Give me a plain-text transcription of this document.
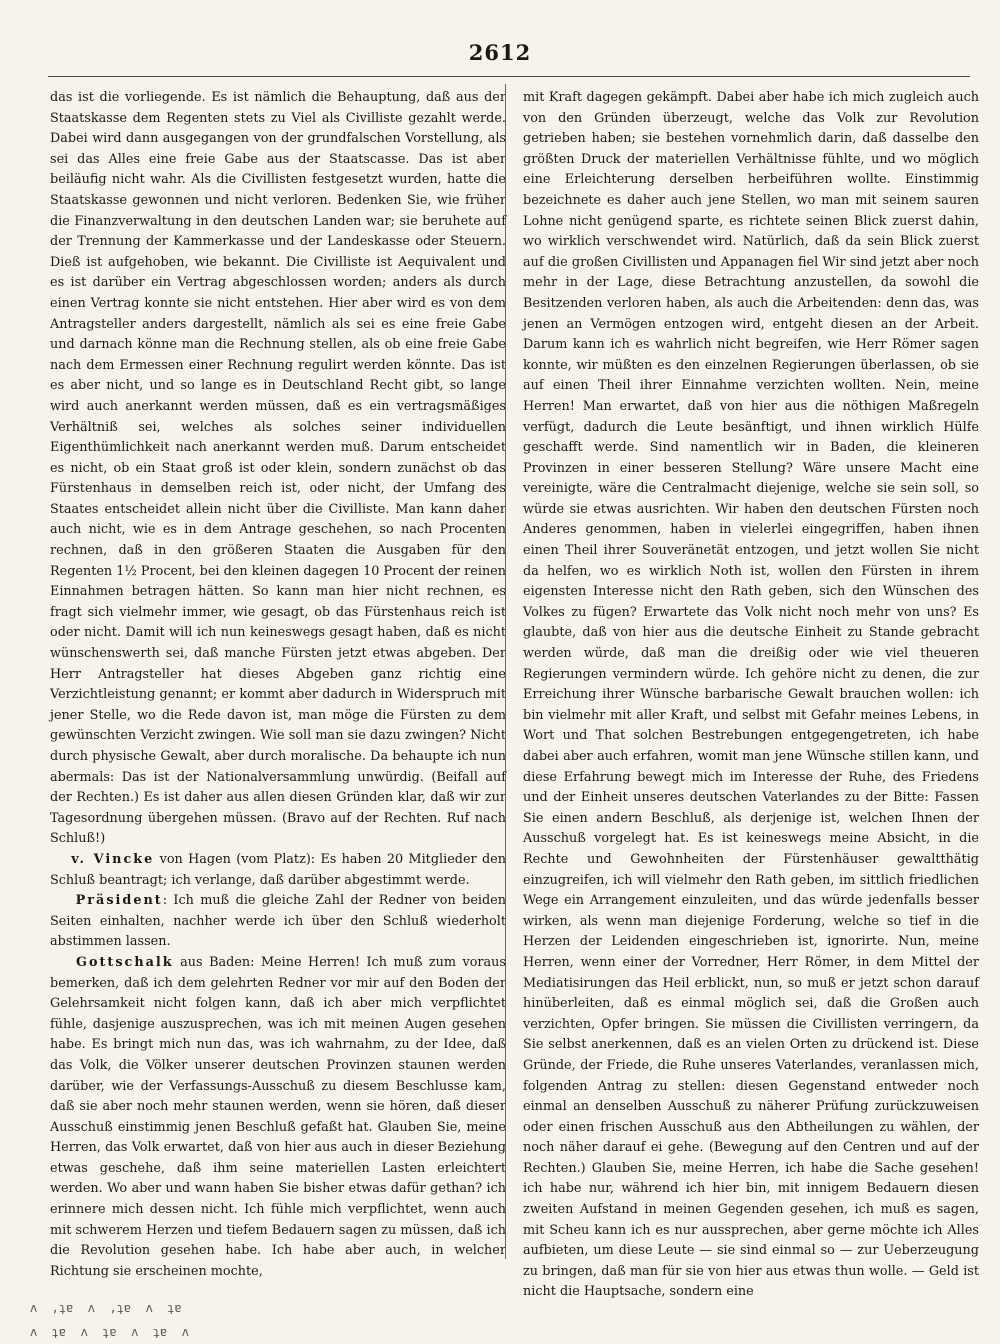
2612

das ist die vorliegende. Es ist nämlich die Behauptung, daß aus der Staatskasse dem Regenten stets zu Viel als Civilliste gezahlt werde. Dabei wird dann ausgegangen von der grundfalschen Vorstellung, als sei das Alles eine freie Gabe aus der Staatscasse. Das ist aber beiläufig nicht wahr. Als die Civillisten festgesetzt wurden, hatte die Staatskasse gewonnen und nicht verloren. Bedenken Sie, wie früher die Finanzverwaltung in den deutschen Landen war; sie beruhete auf der Trennung der Kammerkasse und der Landeskasse oder Steuern. Dieß ist aufgehoben, wie bekannt. Die Civilliste ist Aequivalent und es ist darüber ein Vertrag abgeschlossen worden; anders als durch einen Vertrag konnte sie nicht entstehen. Hier aber wird es von dem Antragsteller anders dargestellt, nämlich als sei es eine freie Gabe und darnach könne man die Rechnung stellen, als ob eine freie Gabe nach dem Ermessen einer Rechnung regulirt werden könnte. Das ist es aber nicht, und so lange es in Deutschland Recht gibt, so lange wird auch anerkannt werden müssen, daß es ein vertragsmäßiges Verhältniß sei, welches als solches seiner individuellen Eigenthümlichkeit nach anerkannt werden muß. Darum entscheidet es nicht, ob ein Staat groß ist oder klein, sondern zunächst ob das Fürstenhaus in demselben reich ist, oder nicht, der Umfang des Staates entscheidet allein nicht über die Civilliste. Man kann daher auch nicht, wie es in dem Antrage geschehen, so nach Procenten rechnen, daß in den größeren Staaten die Ausgaben für den Regenten 1½ Procent, bei den kleinen dagegen 10 Procent der reinen Einnahmen betragen hätten. So kann man hier nicht rechnen, es fragt sich vielmehr immer, wie gesagt, ob das Fürstenhaus reich ist oder nicht. Damit will ich nun keineswegs gesagt haben, daß es nicht wünschenswerth sei, daß manche Fürsten jetzt etwas abgeben. Der Herr Antragsteller hat dieses Abgeben ganz richtig eine Verzichtleistung genannt; er kommt aber dadurch in Widerspruch mit jener Stelle, wo die Rede davon ist, man möge die Fürsten zu dem gewünschten Verzicht zwingen. Wie soll man sie dazu zwingen? Nicht durch physische Gewalt, aber durch moralische. Da behaupte ich nun abermals: Das ist der Nationalversammlung unwürdig. (Beifall auf der Rechten.) Es ist daher aus allen diesen Gründen klar, daß wir zur Tagesordnung übergehen müssen. (Bravo auf der Rechten. Ruf nach Schluß!)

v. Vincke von Hagen (vom Platz): Es haben 20 Mitglieder den Schluß beantragt; ich verlange, daß darüber abgestimmt werde.

Präsident: Ich muß die gleiche Zahl der Redner von beiden Seiten einhalten, nachher werde ich über den Schluß wiederholt abstimmen lassen.

Gottschalk aus Baden: Meine Herren! Ich muß zum voraus bemerken, daß ich dem gelehrten Redner vor mir auf den Boden der Gelehrsamkeit nicht folgen kann, daß ich aber mich verpflichtet fühle, dasjenige auszusprechen, was ich mit meinen Augen gesehen habe. Es bringt mich nun das, was ich wahrnahm, zu der Idee, daß das Volk, die Völker unserer deutschen Provinzen staunen werden darüber, wie der Verfassungs-Ausschuß zu diesem Beschlusse kam, daß sie aber noch mehr staunen werden, wenn sie hören, daß dieser Ausschuß einstimmig jenen Beschluß gefaßt hat. Glauben Sie, meine Herren, das Volk erwartet, daß von hier aus auch in dieser Beziehung etwas geschehe, daß ihm seine materiellen Lasten erleichtert werden. Wo aber und wann haben Sie bisher etwas dafür gethan? ich erinnere mich dessen nicht. Ich fühle mich verpflichtet, wenn auch mit schwerem Herzen und tiefem Bedauern sagen zu müssen, daß ich die Revolution gesehen habe. Ich habe aber auch, in welcher Richtung sie erscheinen mochte,

mit Kraft dagegen gekämpft. Dabei aber habe ich mich zugleich auch von den Gründen überzeugt, welche das Volk zur Revolution getrieben haben; sie bestehen vornehmlich darin, daß dasselbe den größten Druck der materiellen Verhältnisse fühlte, und wo möglich eine Erleichterung derselben herbeiführen wollte. Einstimmig bezeichnete es daher auch jene Stellen, wo man mit seinem sauren Lohne nicht genügend sparte, es richtete seinen Blick zuerst dahin, wo wirklich verschwendet wird. Natürlich, daß da sein Blick zuerst auf die großen Civillisten und Appanagen fiel Wir sind jetzt aber noch mehr in der Lage, diese Betrachtung anzustellen, da sowohl die Besitzenden verloren haben, als auch die Arbeitenden: denn das, was jenen an Vermögen entzogen wird, entgeht diesen an der Arbeit. Darum kann ich es wahrlich nicht begreifen, wie Herr Römer sagen konnte, wir müßten es den einzelnen Regierungen überlassen, ob sie auf einen Theil ihrer Einnahme verzichten wollten. Nein, meine Herren! Man erwartet, daß von hier aus die nöthigen Maßregeln verfügt, dadurch die Leute besänftigt, und ihnen wirklich Hülfe geschafft werde. Sind namentlich wir in Baden, die kleineren Provinzen in einer besseren Stellung? Wäre unsere Macht eine vereinigte, wäre die Centralmacht diejenige, welche sie sein soll, so würde sie etwas ausrichten. Wir haben den deutschen Fürsten noch Anderes genommen, haben in vielerlei eingegriffen, haben ihnen einen Theil ihrer Souveränetät entzogen, und jetzt wollen Sie nicht da helfen, wo es wirklich Noth ist, wollen den Fürsten in ihrem eigensten Interesse nicht den Rath geben, sich den Wünschen des Volkes zu fügen? Erwartete das Volk nicht noch mehr von uns? Es glaubte, daß von hier aus die deutsche Einheit zu Stande gebracht werden würde, daß man die dreißig oder wie viel theueren Regierungen vermindern würde. Ich gehöre nicht zu denen, die zur Erreichung ihrer Wünsche barbarische Gewalt brauchen wollen: ich bin vielmehr mit aller Kraft, und selbst mit Gefahr meines Lebens, in Wort und That solchen Bestrebungen entgegengetreten, ich habe dabei aber auch erfahren, womit man jene Wünsche stillen kann, und diese Erfahrung bewegt mich im Interesse der Ruhe, des Friedens und der Einheit unseres deutschen Vaterlandes zu der Bitte: Fassen Sie einen andern Beschluß, als derjenige ist, welchen Ihnen der Ausschuß vorgelegt hat. Es ist keineswegs meine Absicht, in die Rechte und Gewohnheiten der Fürstenhäuser gewaltthätig einzugreifen, ich will vielmehr den Rath geben, im sittlich friedlichen Wege ein Arrangement einzuleiten, und das würde jedenfalls besser wirken, als wenn man diejenige Forderung, welche so tief in die Herzen der Leidenden eingeschrieben ist, ignorirte. Nun, meine Herren, wenn einer der Vorredner, Herr Römer, in dem Mittel der Mediatisirungen das Heil erblickt, nun, so muß er jetzt schon darauf hinüberleiten, daß es einmal möglich sei, daß die Großen auch verzichten, Opfer bringen. Sie müssen die Civillisten verringern, da Sie selbst anerkennen, daß es an vielen Orten zu drückend ist. Diese Gründe, der Friede, die Ruhe unseres Vaterlandes, veranlassen mich, folgenden Antrag zu stellen: diesen Gegenstand entweder noch einmal an denselben Ausschuß zu näherer Prüfung zurückzuweisen oder einen frischen Ausschuß aus den Abtheilungen zu wählen, der noch näher darauf ei gehe. (Bewegung auf den Centren und auf der Rechten.) Glauben Sie, meine Herren, ich habe die Sache gesehen! ich habe nur, während ich hier bin, mit innigem Bedauern diesen zweiten Aufstand in meinen Gegenden gesehen, ich muß es sagen, mit Scheu kann ich es nur aussprechen, aber gerne möchte ich Alles aufbieten, um diese Leute — sie sind einmal so — zur Ueberzeugung zu bringen, daß man für sie von hier aus etwas thun wolle. — Geld ist nicht die Hauptsache, sondern eine

ʌ  ‚ʇɐ  ʌ  ‚ʇɐ  ʌ  ʇɐ
ʌ  ʇɐ  ʌ  ʇɐ  ʌ  ʇɐ  ʌ
